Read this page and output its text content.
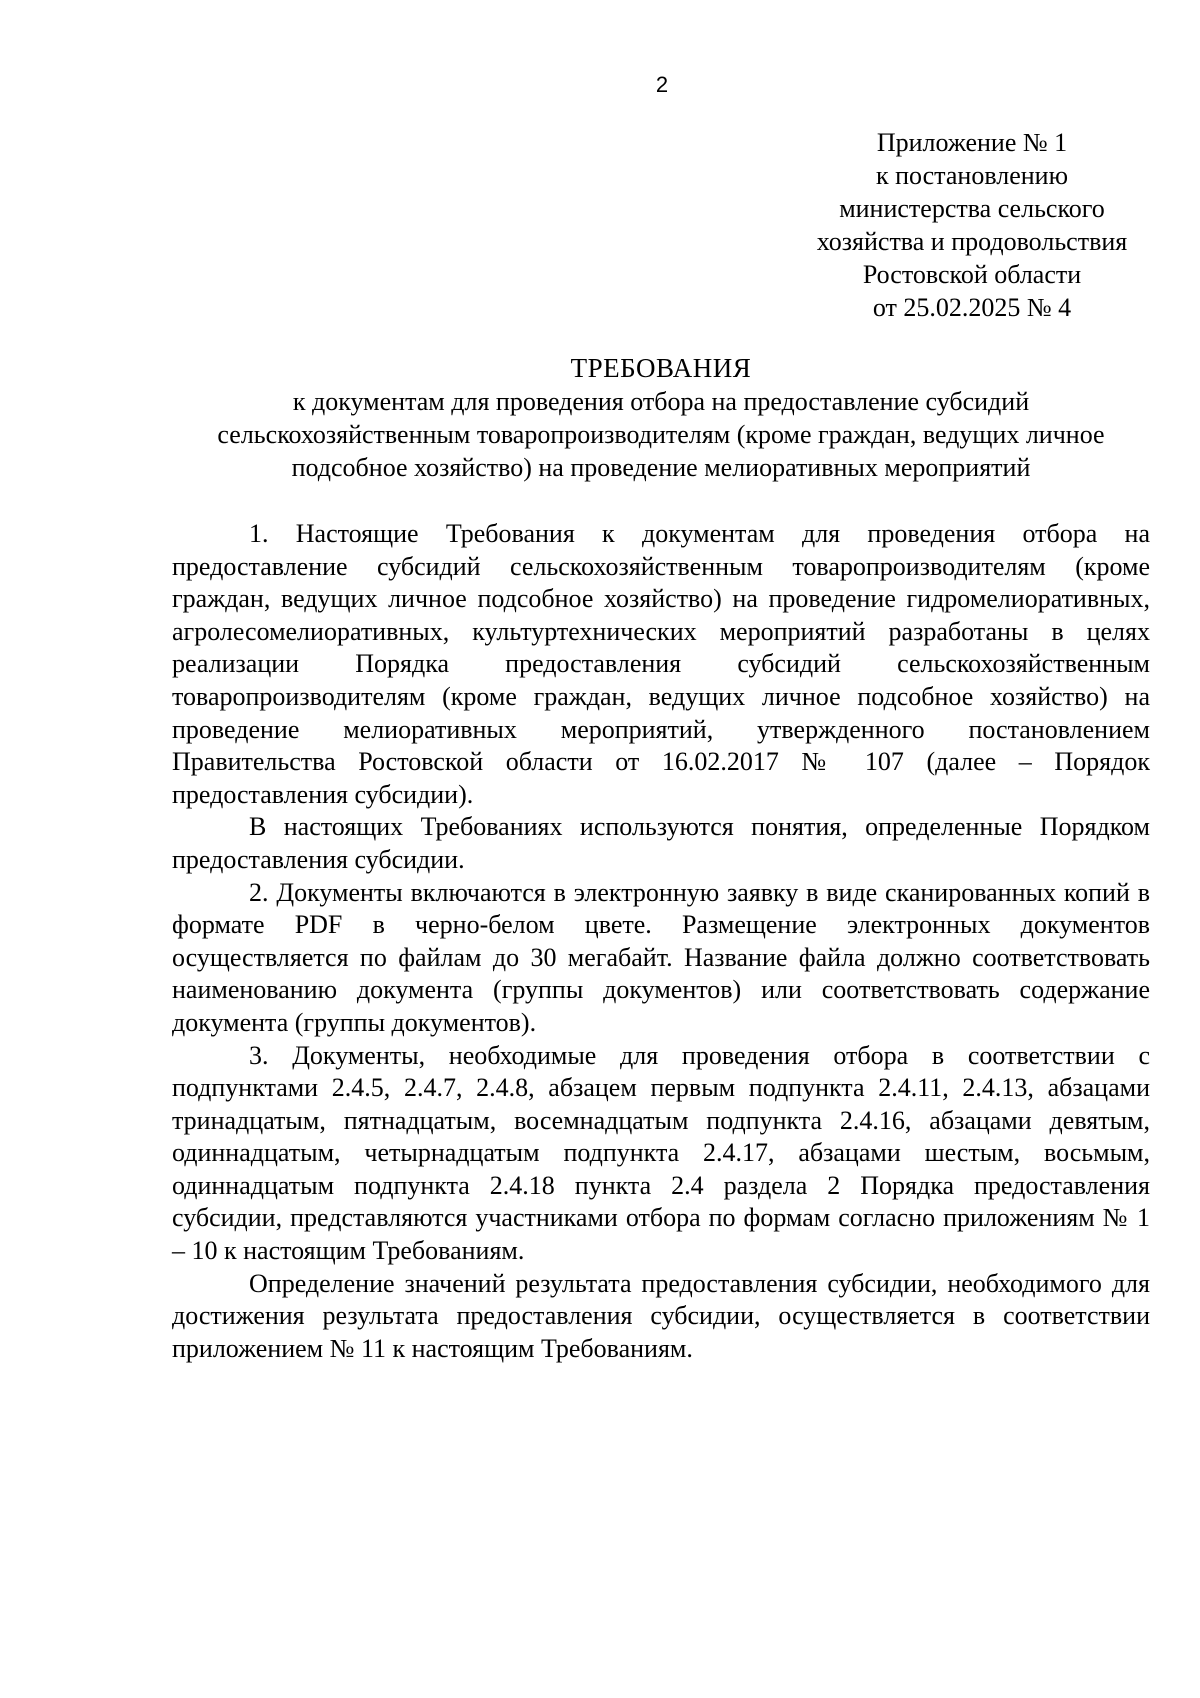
2
Приложение № 1
к постановлению
министерства сельского
хозяйства и продовольствия
Ростовской области
от 25.02.2025 № 4
ТРЕБОВАНИЯ
к документам для проведения отбора на предоставление субсидий сельскохозяйственным товаропроизводителям (кроме граждан, ведущих личное подсобное хозяйство) на проведение мелиоративных мероприятий

1. Настоящие Требования к документам для проведения отбора на предоставление субсидий сельскохозяйственным товаропроизводителям (кроме граждан, ведущих личное подсобное хозяйство) на проведение гидромелиоративных, агролесомелиоративных, культуртехнических мероприятий разработаны в целях реализации Порядка предоставления субсидий сельскохозяйственным товаропроизводителям (кроме граждан, ведущих личное подсобное хозяйство) на проведение мелиоративных мероприятий, утвержденного постановлением Правительства Ростовской области от 16.02.2017 № 107 (далее – Порядок предоставления субсидии).

В настоящих Требованиях используются понятия, определенные Порядком предоставления субсидии.

2. Документы включаются в электронную заявку в виде сканированных копий в формате PDF в черно-белом цвете. Размещение электронных документов осуществляется по файлам до 30 мегабайт. Название файла должно соответствовать наименованию документа (группы документов) или соответствовать содержание документа (группы документов).

3. Документы, необходимые для проведения отбора в соответствии с подпунктами 2.4.5, 2.4.7, 2.4.8, абзацем первым подпункта 2.4.11, 2.4.13, абзацами тринадцатым, пятнадцатым, восемнадцатым подпункта 2.4.16, абзацами девятым, одиннадцатым, четырнадцатым подпункта 2.4.17, абзацами шестым, восьмым, одиннадцатым подпункта 2.4.18 пункта 2.4 раздела 2 Порядка предоставления субсидии, представляются участниками отбора по формам согласно приложениям № 1 – 10 к настоящим Требованиям.

Определение значений результата предоставления субсидии, необходимого для достижения результата предоставления субсидии, осуществляется в соответствии приложением № 11 к настоящим Требованиям.
